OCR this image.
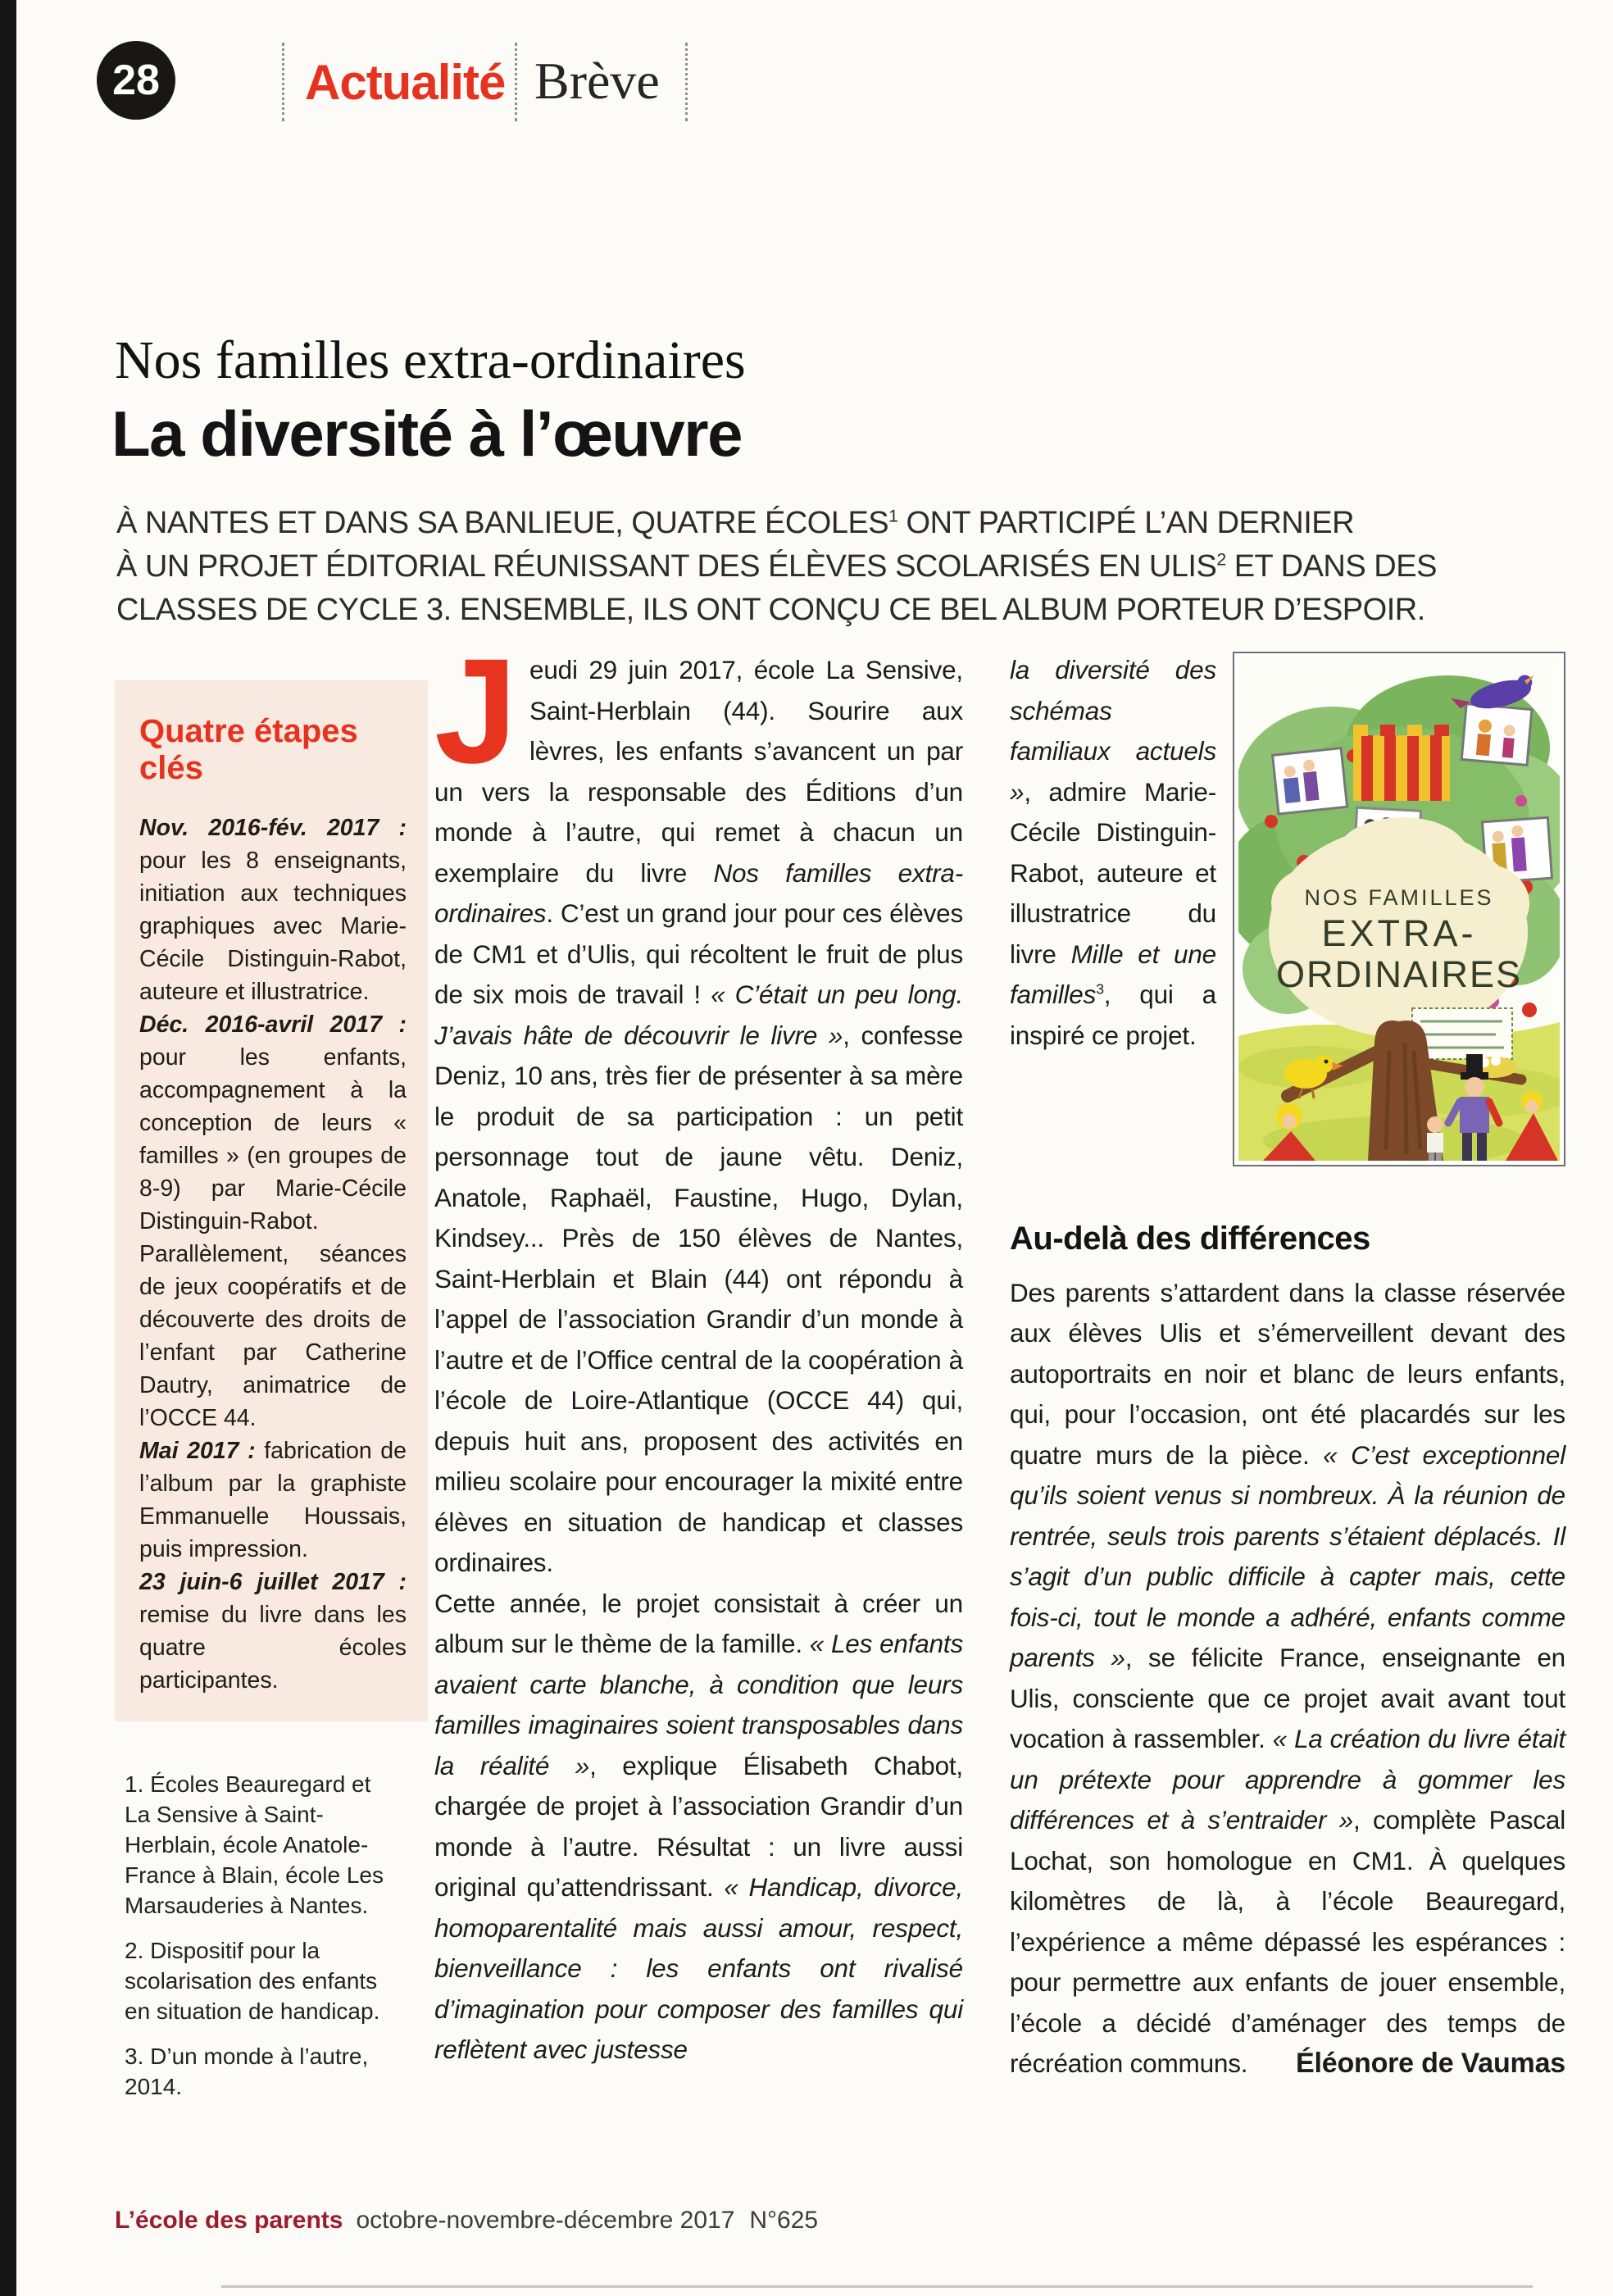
28	Actualité Brève
Nos familles extra-ordinaires
La diversité à l’œuvre
À NANTES ET DANS SA BANLIEUE, QUATRE ÉCOLES$^1$ ONT PARTICIPÉ L’AN DERNIER
À UN PROJET ÉDITORIAL RÉUNISSANT DES ÉLÈVES SCOLARISÉS EN ULIS$^2$ ET DANS DES
CLASSES DE CYCLE 3. ENSEMBLE, ILS ONT CONÇU CE BEL ALBUM PORTEUR D’ESPOIR.
Quatre étapes clés

Nov. 2016-fév. 2017 : pour les 8 enseignants, initiation aux techniques graphiques avec Marie-Cécile Distinguin-Rabot, auteure et illustratrice.

Déc. 2016-avril 2017 : pour les enfants, accompagnement à la conception de leurs « familles » (en groupes de 8-9) par Marie-Cécile Distinguin-Rabot. Parallèlement, séances de jeux coopératifs et de découverte des droits de l’enfant par Catherine Dautry, animatrice de l’OCCE 44.

Mai 2017 : fabrication de l’album par la graphiste Emmanuelle Houssais, puis impression.

23 juin-6 juillet 2017 : remise du livre dans les quatre écoles participantes.

1. Écoles Beauregard et La Sensive à Saint-Herblain, école Anatole-France à Blain, école Les Marsauderies à Nantes.

2. Dispositif pour la scolarisation des enfants en situation de handicap.

3. D’un monde à l’autre, 2014.

J eudi 29 juin 2017, école La Sensive, Saint-Herblain (44). Sourire aux lèvres, les enfants s’avancent un par un vers la responsable des Éditions d’un monde à l’autre, qui remet à chacun un exemplaire du livre Nos familles extra-ordinaires. C’est un grand jour pour ces élèves de CM1 et d’Ulis, qui récoltent le fruit de plus de six mois de travail ! « C’était un peu long. J’avais hâte de découvrir le livre », confesse Deniz, 10 ans, très fier de présenter à sa mère le produit de sa participation : un petit personnage tout de jaune vêtu. Deniz, Anatole, Raphaël, Faustine, Hugo, Dylan, Kindsey... Près de 150 élèves de Nantes, Saint-Herblain et Blain (44) ont répondu à l’appel de l’association Grandir d’un monde à l’autre et de l’Office central de la coopération à l’école de Loire-Atlantique (OCCE 44) qui, depuis huit ans, proposent des activités en milieu scolaire pour encourager la mixité entre élèves en situation de handicap et classes ordinaires.

Cette année, le projet consistait à créer un album sur le thème de la famille. « Les enfants avaient carte blanche, à condition que leurs familles imaginaires soient transposables dans la réalité », explique Élisabeth Chabot, chargée de projet à l’association Grandir d’un monde à l’autre. Résultat : un livre aussi original qu’attendrissant. « Handicap, divorce, homoparentalité mais aussi amour, respect, bienveillance : les enfants ont rivalisé d’imagination pour composer des familles qui reflètent avec justesse

NOS FAMILLES
EXTRA-
ORDINAIRES

la diversité des schémas familiaux actuels », admire Marie-Cécile Distinguin-Rabot, auteure et illustratrice du livre Mille et une familles$^3$, qui a inspiré ce projet.

Au-delà des différences

Des parents s’attardent dans la classe réservée aux élèves Ulis et s’émerveillent devant des autoportraits en noir et blanc de leurs enfants, qui, pour l’occasion, ont été placardés sur les quatre murs de la pièce. « C’est exceptionnel qu’ils soient venus si nombreux. À la réunion de rentrée, seuls trois parents s’étaient déplacés. Il s’agit d’un public difficile à capter mais, cette fois-ci, tout le monde a adhéré, enfants comme parents », se félicite France, enseignante en Ulis, consciente que ce projet avait avant tout vocation à rassembler. « La création du livre était un prétexte pour apprendre à gommer les différences et à s’entraider », complète Pascal Lochat, son homologue en CM1. À quelques kilomètres de là, à l’école Beauregard, l’expérience a même dépassé les espérances : pour permettre aux enfants de jouer ensemble, l’école a décidé d’aménager des temps de récréation communs.	Éléonore de Vaumas
L’école des parents octobre-novembre-décembre 2017 N°625
